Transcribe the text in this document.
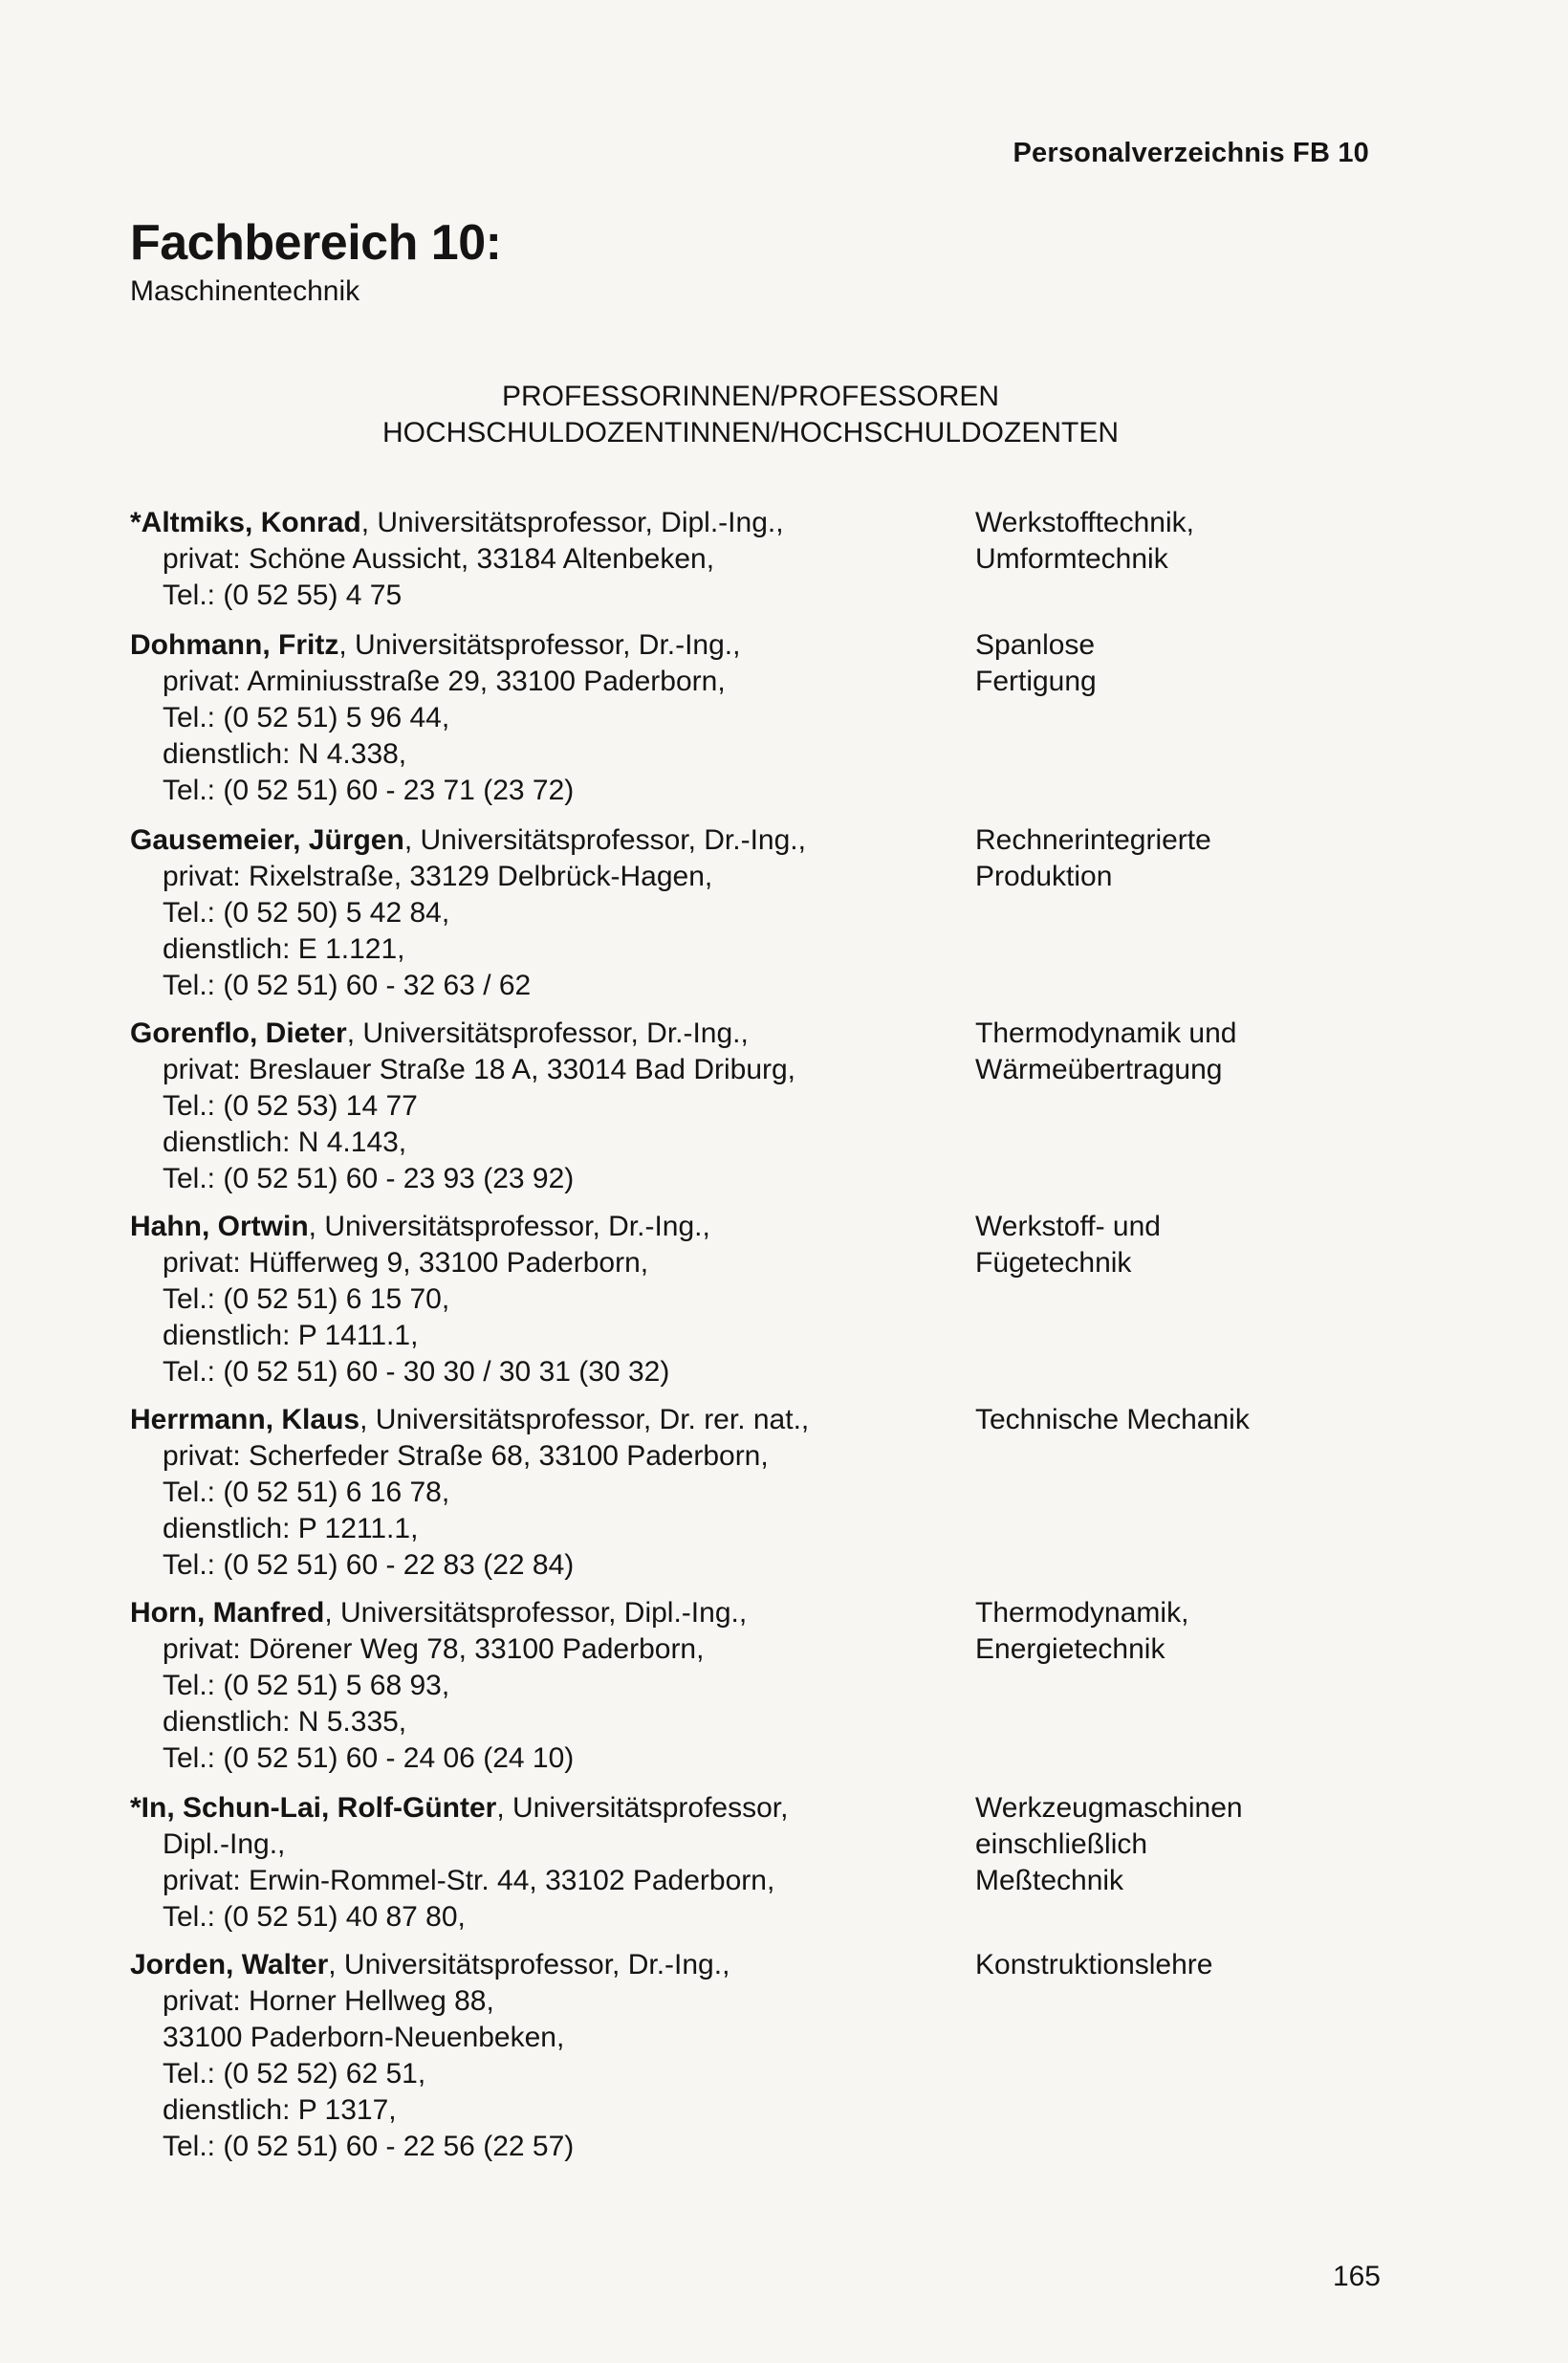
Personalverzeichnis FB 10
Fachbereich 10:
Maschinentechnik
PROFESSORINNEN/PROFESSOREN
HOCHSCHULDOZENTINNEN/HOCHSCHULDOZENTEN
*Altmiks, Konrad, Universitätsprofessor, Dipl.-Ing.,
privat: Schöne Aussicht, 33184 Altenbeken,
Tel.: (0 52 55) 4 75
Werkstofftechnik,
Umformtechnik
Dohmann, Fritz, Universitätsprofessor, Dr.-Ing.,
privat: Arminiusstraße 29, 33100 Paderborn,
Tel.: (0 52 51) 5 96 44,
dienstlich: N 4.338,
Tel.: (0 52 51) 60 - 23 71 (23 72)
Spanlose
Fertigung
Gausemeier, Jürgen, Universitätsprofessor, Dr.-Ing.,
privat: Rixelstraße, 33129 Delbrück-Hagen,
Tel.: (0 52 50) 5 42 84,
dienstlich: E 1.121,
Tel.: (0 52 51) 60 - 32 63 / 62
Rechnerintegrierte
Produktion
Gorenflo, Dieter, Universitätsprofessor, Dr.-Ing.,
privat: Breslauer Straße 18 A, 33014 Bad Driburg,
Tel.: (0 52 53) 14 77
dienstlich: N 4.143,
Tel.: (0 52 51) 60 - 23 93 (23 92)
Thermodynamik und
Wärmeübertragung
Hahn, Ortwin, Universitätsprofessor, Dr.-Ing.,
privat: Hüfferweg 9, 33100 Paderborn,
Tel.: (0 52 51) 6 15 70,
dienstlich: P 1411.1,
Tel.: (0 52 51) 60 - 30 30 / 30 31 (30 32)
Werkstoff- und
Fügetechnik
Herrmann, Klaus, Universitätsprofessor, Dr. rer. nat.,
privat: Scherfeder Straße 68, 33100 Paderborn,
Tel.: (0 52 51) 6 16 78,
dienstlich: P 1211.1,
Tel.: (0 52 51) 60 - 22 83 (22 84)
Technische Mechanik
Horn, Manfred, Universitätsprofessor, Dipl.-Ing.,
privat: Dörener Weg 78, 33100 Paderborn,
Tel.: (0 52 51) 5 68 93,
dienstlich: N 5.335,
Tel.: (0 52 51) 60 - 24 06 (24 10)
Thermodynamik,
Energietechnik
*In, Schun-Lai, Rolf-Günter, Universitätsprofessor,
Dipl.-Ing.,
privat: Erwin-Rommel-Str. 44, 33102 Paderborn,
Tel.: (0 52 51) 40 87 80,
Werkzeugmaschinen
einschließlich
Meßtechnik
Jorden, Walter, Universitätsprofessor, Dr.-Ing.,
privat: Horner Hellweg 88,
33100 Paderborn-Neuenbeken,
Tel.: (0 52 52) 62 51,
dienstlich: P 1317,
Tel.: (0 52 51) 60 - 22 56 (22 57)
Konstruktionslehre
165
